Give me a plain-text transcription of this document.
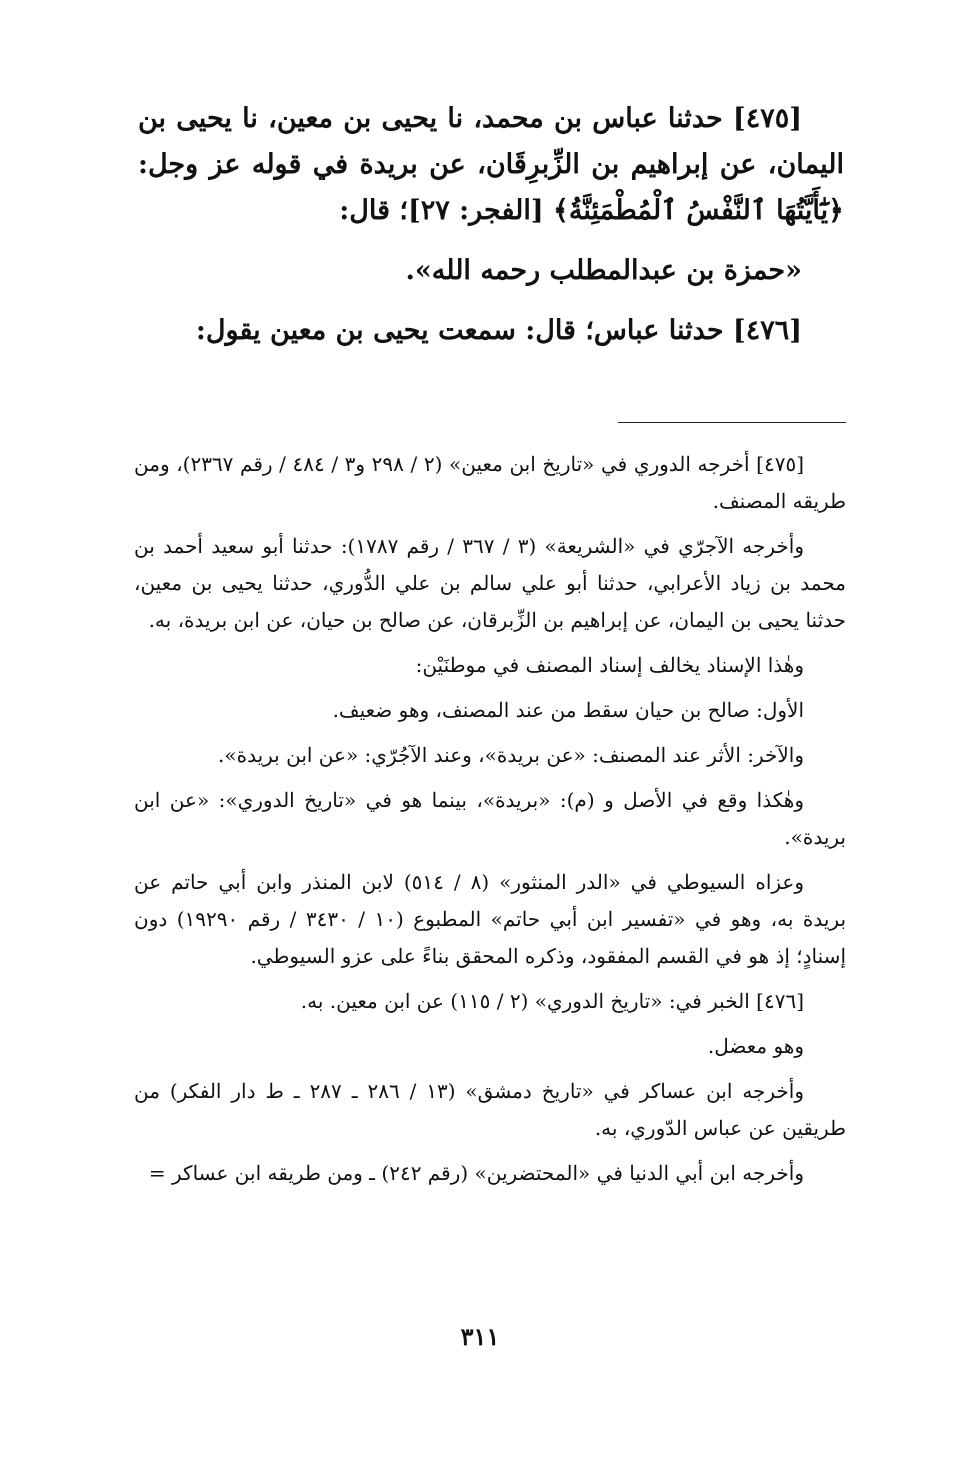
[٤٧٥] حدثنا عباس بن محمد، نا يحيى بن معين، نا يحيى بن اليمان، عن إبراهيم بن الزِّبرِقَان، عن بريدة في قوله عز وجل: ﴿يَٰٓأَيَّتُهَا ٱلنَّفْسُ ٱلْمُطْمَئِنَّةُ﴾ [الفجر: ٢٧]؛ قال:

«حمزة بن عبدالمطلب رحمه الله».

[٤٧٦] حدثنا عباس؛ قال: سمعت يحيى بن معين يقول:

[٤٧٥] أخرجه الدوري في «تاريخ ابن معين» (٢ / ٢٩٨ و٣ / ٤٨٤ / رقم ٢٣٦٧)، ومن طريقه المصنف.

وأخرجه الآجرّي في «الشريعة» (٣ / ٣٦٧ / رقم ١٧٨٧): حدثنا أبو سعيد أحمد بن محمد بن زياد الأعرابي، حدثنا أبو علي سالم بن علي الدُّوري، حدثنا يحيى بن معين، حدثنا يحيى بن اليمان، عن إبراهيم بن الزِّبرقان، عن صالح بن حيان، عن ابن بريدة، به.

وهٰذا الإسناد يخالف إسناد المصنف في موطنَيْن:

الأول: صالح بن حيان سقط من عند المصنف، وهو ضعيف.

والآخر: الأثر عند المصنف: «عن بريدة»، وعند الآجُرّي: «عن ابن بريدة».

وهٰكذا وقع في الأصل و (م): «بريدة»، بينما هو في «تاريخ الدوري»: «عن ابن بريدة».

وعزاه السيوطي في «الدر المنثور» (٨ / ٥١٤) لابن المنذر وابن أبي حاتم عن بريدة به، وهو في «تفسير ابن أبي حاتم» المطبوع (١٠ / ٣٤٣٠ / رقم ١٩٢٩٠) دون إسنادٍ؛ إذ هو في القسم المفقود، وذكره المحقق بناءً على عزو السيوطي.

[٤٧٦] الخبر في: «تاريخ الدوري» (٢ / ١١٥) عن ابن معين. به.

وهو معضل.

وأخرجه ابن عساكر في «تاريخ دمشق» (١٣ / ٢٨٦ ـ ٢٨٧ ـ ط دار الفكر) من طريقين عن عباس الدّوري، به.

وأخرجه ابن أبي الدنيا في «المحتضرين» (رقم ٢٤٢) ـ ومن طريقه ابن عساكر =

٣١١
